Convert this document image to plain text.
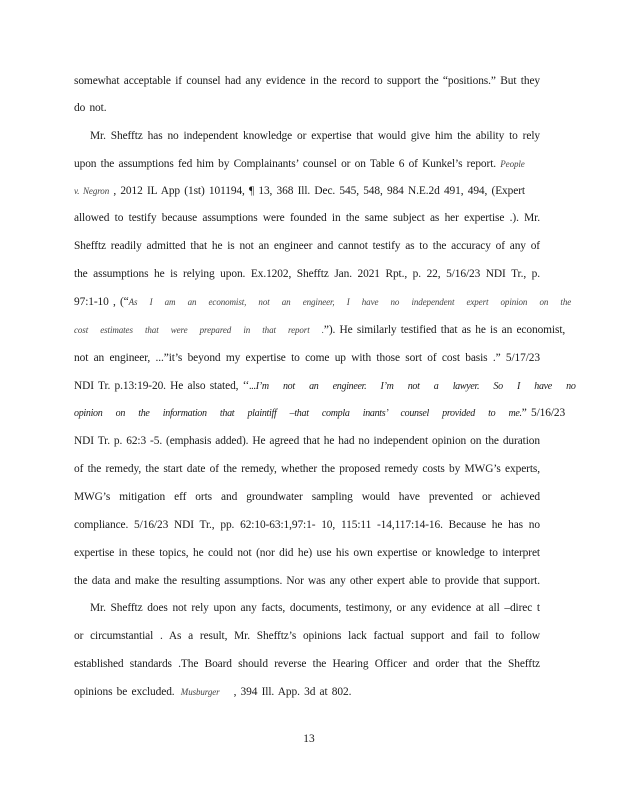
somewhat acceptable if counsel had any evidence in the record to support the “positions.” But they
do not.
Mr. Shefftz has no independent knowledge or expertise that would give him the ability to rely
upon the assumptions fed him by Complainants’ counsel or on Table 6 of Kunkel’s report. People
v. Negron , 2012 IL App (1st) 101194, ¶ 13, 368 Ill. Dec. 545, 548, 984 N.E.2d 491, 494, (Expert
allowed to testify because assumptions were founded in the same subject as her expertise .). Mr.
Shefftz readily admitted that he is not an engineer and cannot testify as to the accuracy of any of
the assumptions he is relying upon. Ex.1202, Shefftz Jan. 2021 Rpt., p. 22, 5/16/23 NDI Tr., p.
97:1-10 , (“As I am an economist, not an engineer, I have no independent expert opinion on the
cost estimates that were prepared in that report .”). He similarly testified that as he is an economist,
not an engineer, ...”it’s beyond my expertise to come up with those sort of cost basis .” 5/17/23
NDI Tr. p.13:19-20. He also stated, ‘‘...I’m not an engineer. I’m not a lawyer. So I have no
opinion on the information that plaintiff –that compla inants’ counsel provided to me.” 5/16/23
NDI Tr. p. 62:3 -5. (emphasis added). He agreed that he had no independent opinion on the duration
of the remedy, the start date of the remedy, whether the proposed remedy costs by MWG’s experts,
MWG’s mitigation eff orts and groundwater sampling would have prevented or achieved
compliance. 5/16/23 NDI Tr., pp. 62:10-63:1,97:1- 10, 115:11 -14,117:14-16. Because he has no
expertise in these topics, he could not (nor did he) use his own expertise or knowledge to interpret
the data and make the resulting assumptions. Nor was any other expert able to provide that support.
Mr. Shefftz does not rely upon any facts, documents, testimony, or any evidence at all –direc t
or circumstantial . As a result, Mr. Shefftz’s opinions lack factual support and fail to follow
established standards .The Board should reverse the Hearing Officer and order that the Shefftz
opinions be excluded. Musburger , 394 Ill. App. 3d at 802.
13
